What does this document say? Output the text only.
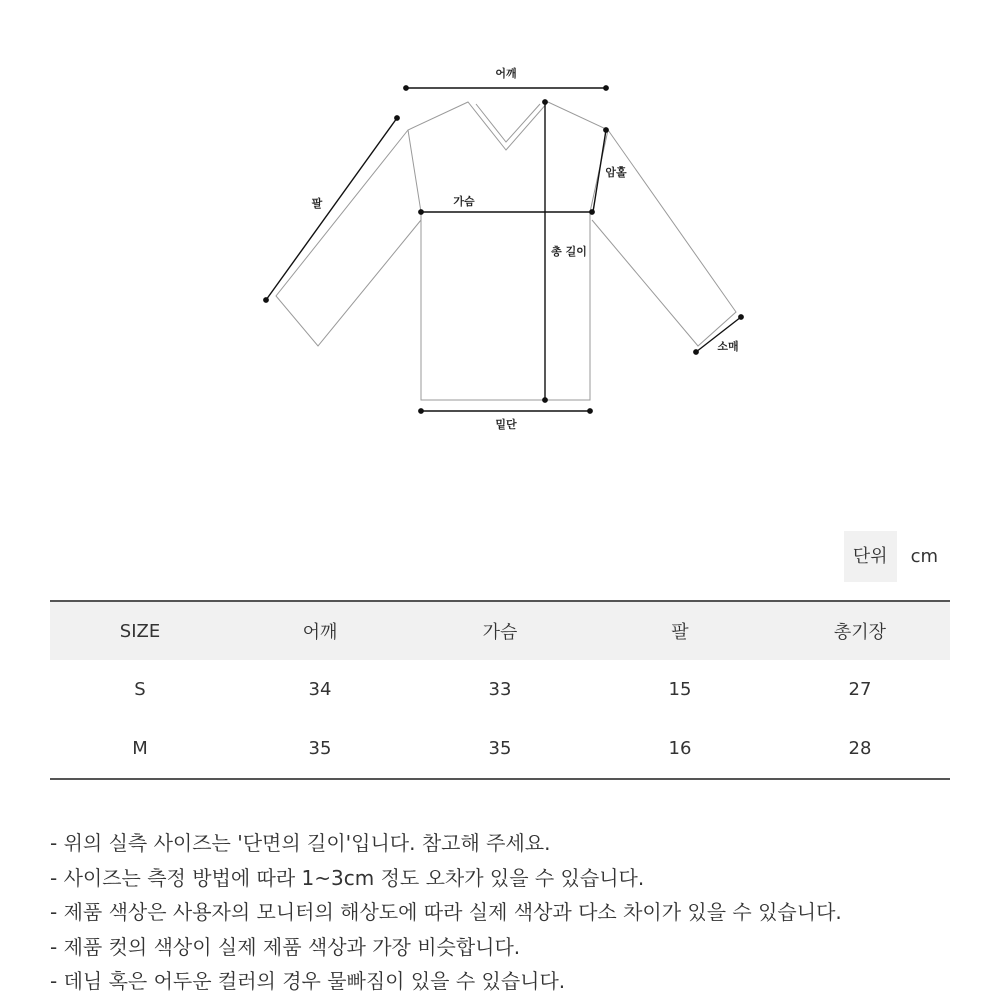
어깨
팔	가슴
암홀
총 길이
소매
밑단
단위	cm
SIZE	어깨	가슴	팔	총기장
S	34	33	15	27
M	35	35	16	28
- 위의 실측 사이즈는 '단면의 길이'입니다. 참고해 주세요.
- 사이즈는 측정 방법에 따라 1~3cm 정도 오차가 있을 수 있습니다.
- 제품 색상은 사용자의 모니터의 해상도에 따라 실제 색상과 다소 차이가 있을 수 있습니다.
- 제품 컷의 색상이 실제 제품 색상과 가장 비슷합니다.
- 데님 혹은 어두운 컬러의 경우 물빠짐이 있을 수 있습니다.
